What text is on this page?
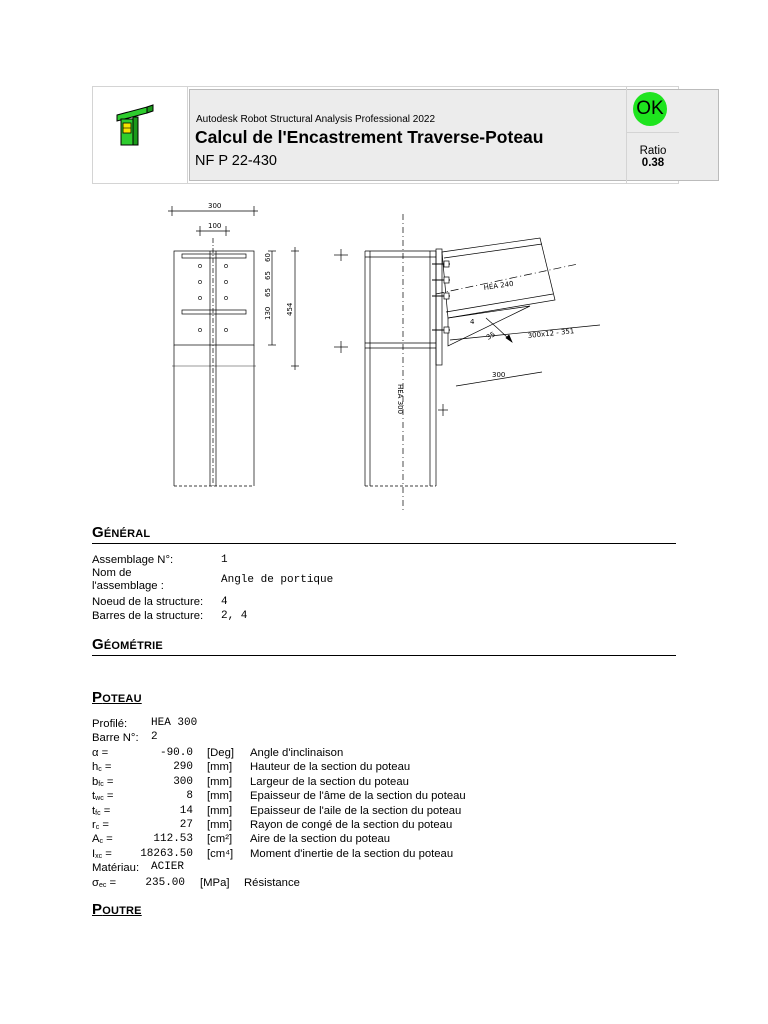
Autodesk Robot Structural Analysis Professional 2022
Calcul de l'Encastrement Traverse-Poteau
NF P 22-430
OK
Ratio
0.38
300
100
60
65
65
130 454
HEA 240
HEA 300
300x12 - 351
35
300
4
GÉNÉRAL
Assemblage N°:	1
Nom de
l'assemblage :	Angle de portique
Noeud de la structure: 4
Barres de la structure: 2, 4
GÉOMÉTRIE
POTEAU
Profilé: HEA 300
Barre N°: 2
α =	-90.0 [Deg] Angle d'inclinaison
hc =	290 [mm] Hauteur de la section du poteau
bfc =	300 [mm] Largeur de la section du poteau
twc =	8 [mm] Epaisseur de l'âme de la section du poteau
tfc =	14 [mm] Epaisseur de l'aile de la section du poteau
rc =	27 [mm] Rayon de congé de la section du poteau
Ac =	112.53 [cm²] Aire de la section du poteau
Ixc =	18263.50 [cm⁴] Moment d'inertie de la section du poteau
Matériau: ACIER
σec =	235.00 [MPa] Résistance
POUTRE
